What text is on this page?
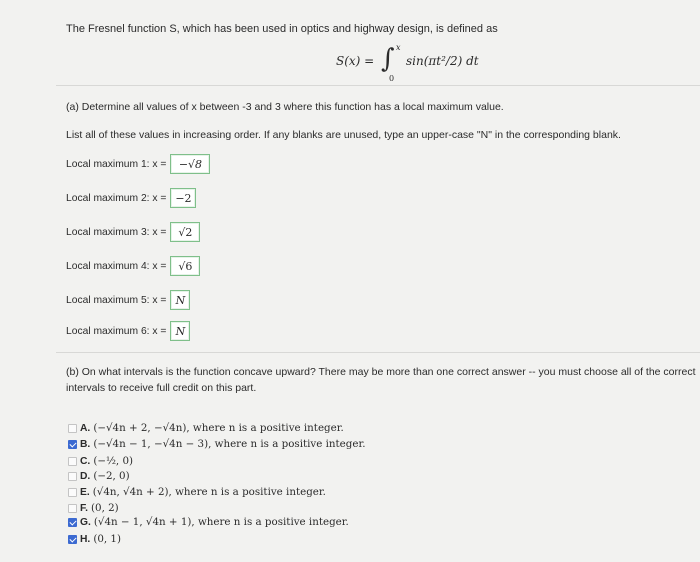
The Fresnel function S, which has been used in optics and highway design, is defined as
S(x) = ∫ x
0
sin(πt²/2) dt
(a) Determine all values of x between -3 and 3 where this function has a local maximum value.
List all of these values in increasing order. If any blanks are unused, type an upper-case "N" in the corresponding blank.
Local maximum 1: x =	−√8
Local maximum 2: x = −2
Local maximum 3: x =	√2
Local maximum 4: x =	√6
Local maximum 5: x = N
Local maximum 6: x = N
(b) On what intervals is the function concave upward? There may be more than one correct answer -- you must choose all of the correct
intervals to receive full credit on this part.
A. (−√4n + 2, −√4n), where n is a positive integer.
B. (−√4n − 1, −√4n − 3), where n is a positive integer.
C. (−½, 0)
D. (−2, 0)
E. (√4n, √4n + 2), where n is a positive integer.
F. (0, 2)
G. (√4n − 1, √4n + 1), where n is a positive integer.
H. (0, 1)
